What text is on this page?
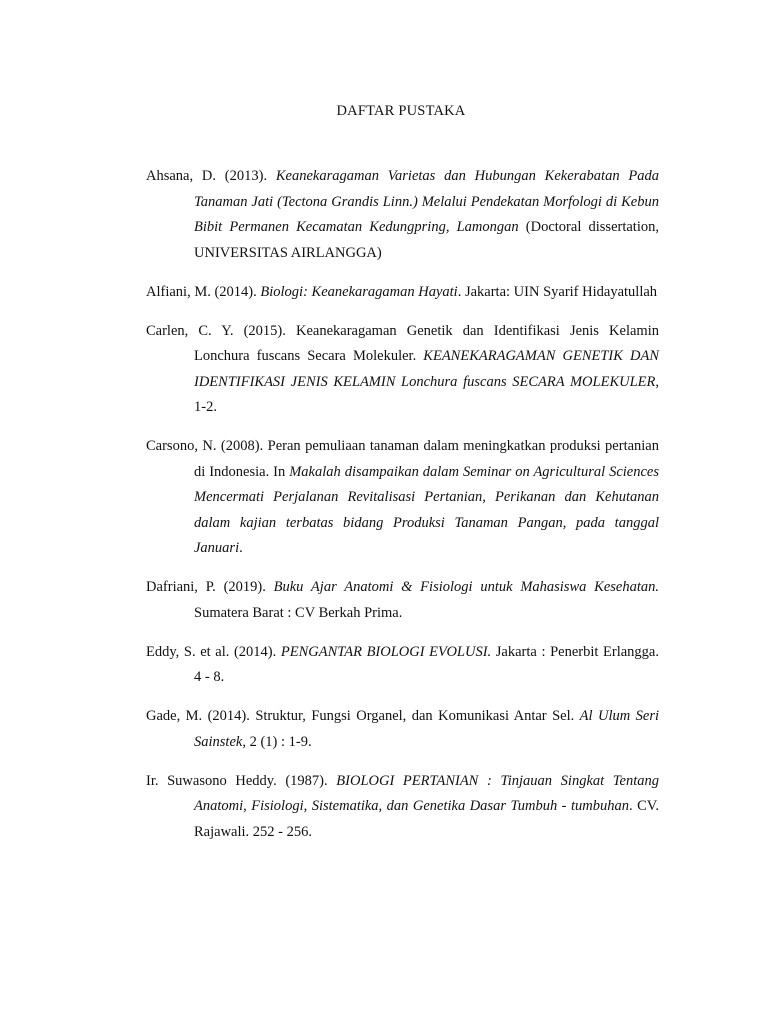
DAFTAR PUSTAKA

Ahsana, D. (2013). Keanekaragaman Varietas dan Hubungan Kekerabatan Pada Tanaman Jati (Tectona Grandis Linn.) Melalui Pendekatan Morfologi di Kebun Bibit Permanen Kecamatan Kedungpring, Lamongan (Doctoral dissertation, UNIVERSITAS AIRLANGGA)

Alfiani, M. (2014). Biologi: Keanekaragaman Hayati. Jakarta: UIN Syarif Hidayatullah

Carlen, C. Y. (2015). Keanekaragaman Genetik dan Identifikasi Jenis Kelamin Lonchura fuscans Secara Molekuler. KEANEKARAGAMAN GENETIK DAN IDENTIFIKASI JENIS KELAMIN Lonchura fuscans SECARA MOLEKULER, 1-2.

Carsono, N. (2008). Peran pemuliaan tanaman dalam meningkatkan produksi pertanian di Indonesia. In Makalah disampaikan dalam Seminar on Agricultural Sciences Mencermati Perjalanan Revitalisasi Pertanian, Perikanan dan Kehutanan dalam kajian terbatas bidang Produksi Tanaman Pangan, pada tanggal Januari.

Dafriani, P. (2019). Buku Ajar Anatomi & Fisiologi untuk Mahasiswa Kesehatan. Sumatera Barat : CV Berkah Prima.

Eddy, S. et al. (2014). PENGANTAR BIOLOGI EVOLUSI. Jakarta : Penerbit Erlangga. 4 - 8.

Gade, M. (2014). Struktur, Fungsi Organel, dan Komunikasi Antar Sel. Al Ulum Seri Sainstek, 2 (1) : 1-9.

Ir. Suwasono Heddy. (1987). BIOLOGI PERTANIAN : Tinjauan Singkat Tentang Anatomi, Fisiologi, Sistematika, dan Genetika Dasar Tumbuh - tumbuhan. CV. Rajawali. 252 - 256.
